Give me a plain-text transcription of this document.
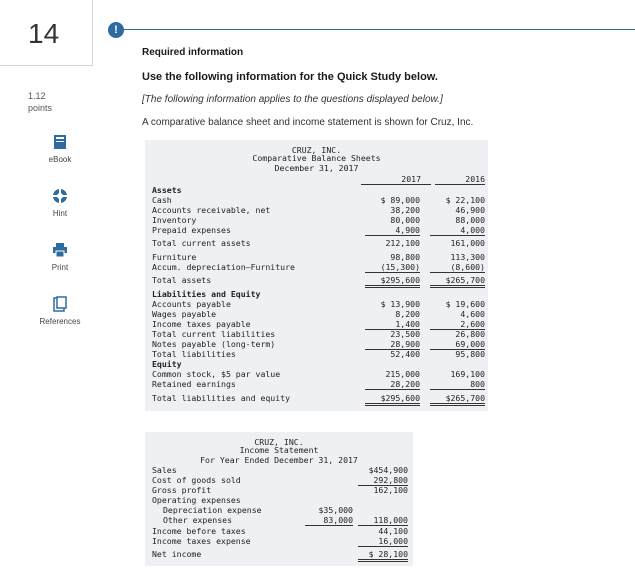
14
1.12
points
eBook
Hint
Print
References
!
Required information
Use the following information for the Quick Study below.
[The following information applies to the questions displayed below.]
A comparative balance sheet and income statement is shown for Cruz, Inc.
CRUZ, INC.
Comparative Balance Sheets
December 31, 2017
2017	2016
Assets
Cash	$ 89,000	$ 22,100
Accounts receivable, net	38,200	46,900
Inventory	80,000	88,000
Prepaid expenses	4,900	4,000
Total current assets	212,100	161,000
Furniture	98,800	113,300
Accum. depreciation—Furniture	(15,300)	(8,600)
Total assets	$295,600	$265,700
Liabilities and Equity
Accounts payable	$ 13,900	$ 19,600
Wages payable	8,200	4,600
Income taxes payable	1,400	2,600
Total current liabilities	23,500	26,800
Notes payable (long-term)	28,900	69,000
Total liabilities	52,400	95,800
Equity
Common stock, $5 par value	215,000	169,100
Retained earnings	28,200	800
Total liabilities and equity	$295,600	$265,700
CRUZ, INC.
Income Statement
For Year Ended December 31, 2017
Sales	$454,900
Cost of goods sold	292,800
Gross profit	162,100
Operating expenses
Depreciation expense	$35,000
Other expenses	83,000	118,000
Income before taxes	44,100
Income taxes expense	16,000
Net income	$ 28,100
